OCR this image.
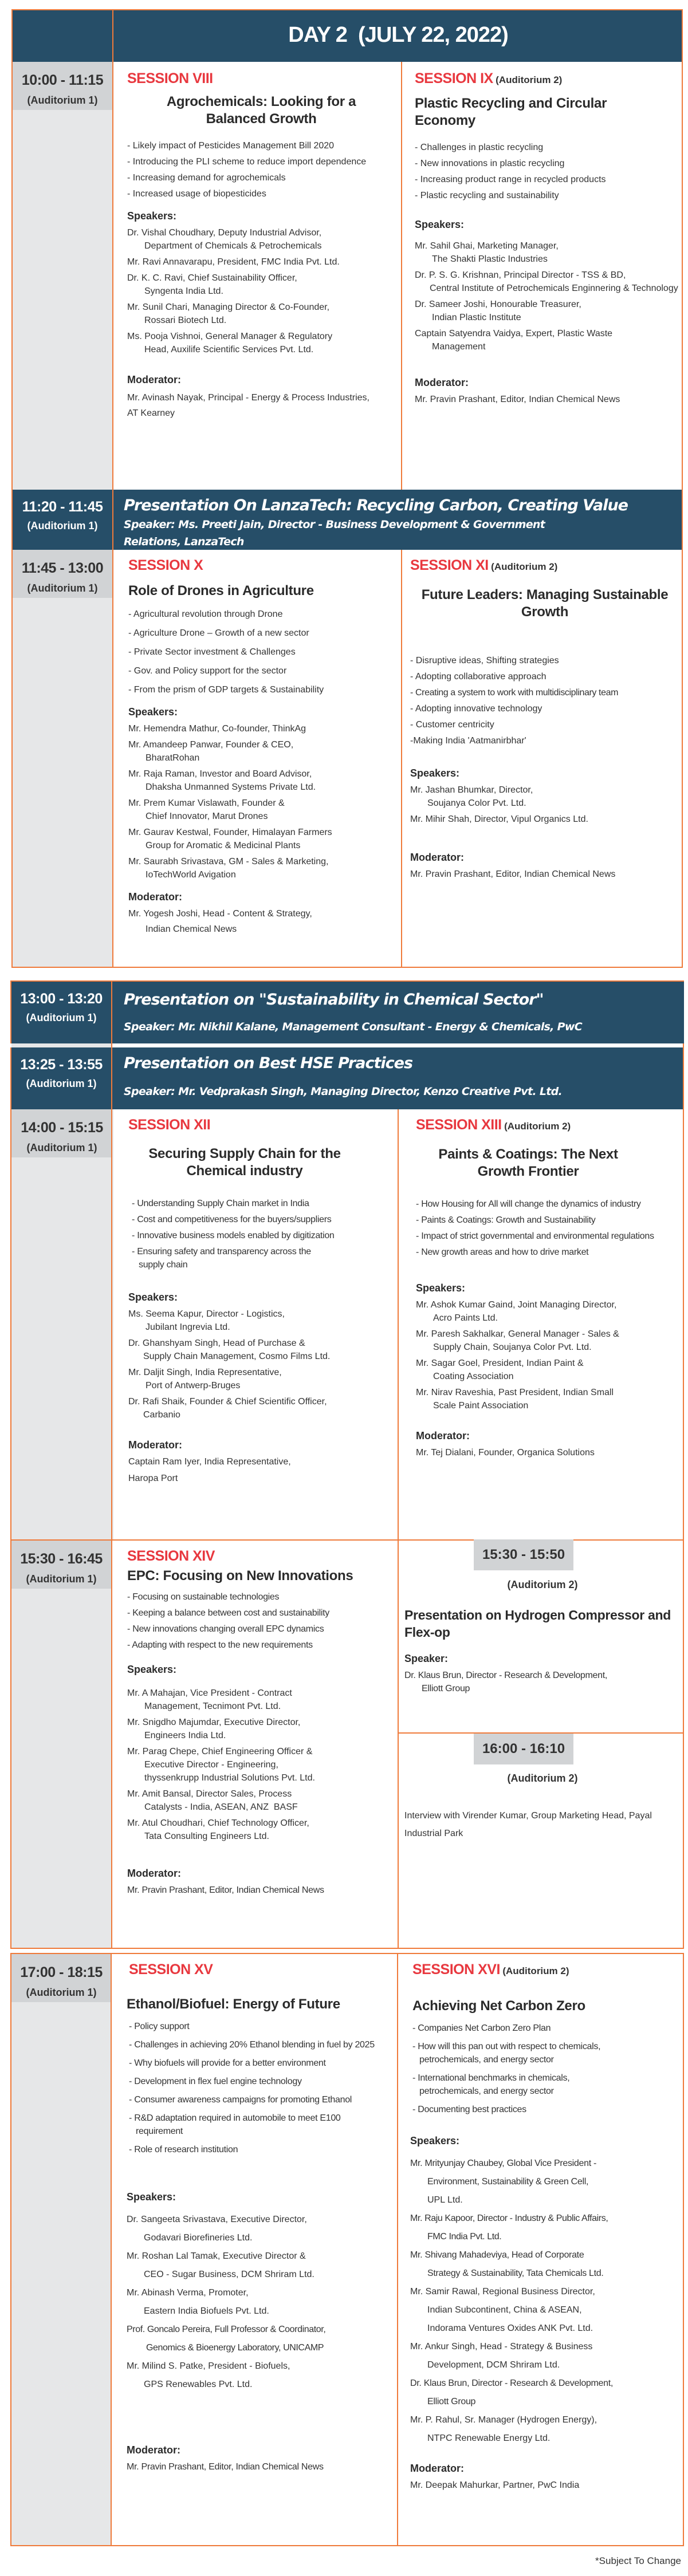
DAY 2  (JULY 22, 2022)
10:00 - 11:15
(Auditorium 1)
SESSION VIII
Agrochemicals: Looking for a Balanced Growth
- Likely impact of Pesticides Management Bill 2020
- Introducing the PLI scheme to reduce import dependence
- Increasing demand for agrochemicals
- Increased usage of biopesticides
Speakers:
Dr. Vishal Choudhary, Deputy Industrial Advisor,
Department of Chemicals & Petrochemicals
Mr. Ravi Annavarapu, President, FMC India Pvt. Ltd.
Dr. K. C. Ravi, Chief Sustainability Officer,
Syngenta India Ltd.
Mr. Sunil Chari, Managing Director & Co-Founder,
Rossari Biotech Ltd.
Ms. Pooja Vishnoi, General Manager & Regulatory
Head, Auxilife Scientific Services Pvt. Ltd.
Moderator:
Mr. Avinash Nayak, Principal - Energy & Process Industries, AT Kearney
SESSION IX (Auditorium 2)
Plastic Recycling and Circular Economy
- Challenges in plastic recycling
- New innovations in plastic recycling
- Increasing product range in recycled products
- Plastic recycling and sustainability
Speakers:
Mr. Sahil Ghai, Marketing Manager,
The Shakti Plastic Industries
Dr. P. S. G. Krishnan, Principal Director - TSS & BD,
Central Institute of Petrochemicals Enginnering & Technology
Dr. Sameer Joshi, Honourable Treasurer,
Indian Plastic Institute
Captain Satyendra Vaidya, Expert, Plastic Waste
Management
Moderator:
Mr. Pravin Prashant, Editor, Indian Chemical News
11:20 - 11:45
(Auditorium 1)
Presentation On LanzaTech: Recycling Carbon, Creating Value
Speaker: Ms. Preeti Jain, Director - Business Development & Government Relations, LanzaTech
11:45 - 13:00
(Auditorium 1)
SESSION X
Role of Drones in Agriculture
- Agricultural revolution through Drone
- Agriculture Drone – Growth of a new sector
- Private Sector investment & Challenges
- Gov. and Policy support for the sector
- From the prism of GDP targets & Sustainability
Speakers:
Mr. Hemendra Mathur, Co-founder, ThinkAg
Mr. Amandeep Panwar, Founder & CEO,
BharatRohan
Mr. Raja Raman, Investor and Board Advisor,
Dhaksha Unmanned Systems Private Ltd.
Mr. Prem Kumar Vislawath, Founder &
Chief Innovator, Marut Drones
Mr. Gaurav Kestwal, Founder, Himalayan Farmers
Group for Aromatic & Medicinal Plants
Mr. Saurabh Srivastava, GM - Sales & Marketing,
IoTechWorld Avigation
Moderator:
Mr. Yogesh Joshi, Head - Content & Strategy,
Indian Chemical News
SESSION XI (Auditorium 2)
Future Leaders: Managing Sustainable Growth
- Disruptive ideas, Shifting strategies
- Adopting collaborative approach
- Creating a system to work with multidisciplinary team
- Adopting innovative technology
- Customer centricity
-Making India 'Aatmanirbhar'
Speakers:
Mr. Jashan Bhumkar, Director,
Soujanya Color Pvt. Ltd.
Mr. Mihir Shah, Director, Vipul Organics Ltd.
Moderator:
Mr. Pravin Prashant, Editor, Indian Chemical News
13:00 - 13:20
(Auditorium 1)
Presentation on "Sustainability in Chemical Sector"
Speaker: Mr. Nikhil Kalane, Management Consultant - Energy & Chemicals, PwC
13:25 - 13:55
(Auditorium 1)
Presentation on Best HSE Practices
Speaker: Mr. Vedprakash Singh, Managing Director, Kenzo Creative Pvt. Ltd.
14:00 - 15:15
(Auditorium 1)
SESSION XII
Securing Supply Chain for the Chemical industry
- Understanding Supply Chain market in India
- Cost and competitiveness for the buyers/suppliers
- Innovative business models enabled by digitization
- Ensuring safety and transparency across the supply chain
Speakers:
Ms. Seema Kapur, Director - Logistics,
Jubilant Ingrevia Ltd.
Dr. Ghanshyam Singh, Head of Purchase &
Supply Chain Management, Cosmo Films Ltd.
Mr. Daljit Singh, India Representative,
Port of Antwerp-Bruges
Dr. Rafi Shaik, Founder & Chief Scientific Officer,
Carbanio
Moderator:
Captain Ram Iyer, India Representative,
Haropa Port
SESSION XIII (Auditorium 2)
Paints & Coatings: The Next Growth Frontier
- How Housing for All will change the dynamics of industry
- Paints & Coatings: Growth and Sustainability
- Impact of strict governmental and environmental regulations
- New growth areas and how to drive market
Speakers:
Mr. Ashok Kumar Gaind, Joint Managing Director,
Acro Paints Ltd.
Mr. Paresh Sakhalkar, General Manager - Sales &
Supply Chain, Soujanya Color Pvt. Ltd.
Mr. Sagar Goel, President, Indian Paint &
Coating Association
Mr. Nirav Raveshia, Past President, Indian Small
Scale Paint Association
Moderator:
Mr. Tej Dialani, Founder, Organica Solutions
15:30 - 16:45
(Auditorium 1)
SESSION XIV
EPC: Focusing on New Innovations
- Focusing on sustainable technologies
- Keeping a balance between cost and sustainability
- New innovations changing overall EPC dynamics
- Adapting with respect to the new requirements
Speakers:
Mr. A Mahajan, Vice President - Contract
Management, Tecnimont Pvt. Ltd.
Mr. Snigdho Majumdar, Executive Director,
Engineers India Ltd.
Mr. Parag Chepe, Chief Engineering Officer &
Executive Director - Engineering,
thyssenkrupp Industrial Solutions Pvt. Ltd.
Mr. Amit Bansal, Director Sales, Process
Catalysts - India, ASEAN, ANZ  BASF
Mr. Atul Choudhari, Chief Technology Officer,
Tata Consulting Engineers Ltd.
Moderator:
Mr. Pravin Prashant, Editor, Indian Chemical News
15:30 - 15:50
(Auditorium 2)
Presentation on Hydrogen Compressor and Flex-op
Speaker:
Dr. Klaus Brun, Director - Research & Development,
Elliott Group
16:00 - 16:10
(Auditorium 2)
Interview with Virender Kumar, Group Marketing Head, Payal Industrial Park
17:00 - 18:15
(Auditorium 1)
SESSION XV
Ethanol/Biofuel: Energy of Future
- Policy support
- Challenges in achieving 20% Ethanol blending in fuel by 2025
- Why biofuels will provide for a better environment
- Development in flex fuel engine technology
- Consumer awareness campaigns for promoting Ethanol
- R&D adaptation required in automobile to meet E100 requirement
- Role of research institution
Speakers:
Dr. Sangeeta Srivastava, Executive Director,
Godavari Biorefineries Ltd.
Mr. Roshan Lal Tamak, Executive Director &
CEO - Sugar Business, DCM Shriram Ltd.
Mr. Abinash Verma, Promoter,
Eastern India Biofuels Pvt. Ltd.
Prof. Goncalo Pereira, Full Professor & Coordinator,
Genomics & Bioenergy Laboratory, UNICAMP
Mr. Milind S. Patke, President - Biofuels,
GPS Renewables Pvt. Ltd.
Moderator:
Mr. Pravin Prashant, Editor, Indian Chemical News
SESSION XVI (Auditorium 2)
Achieving Net Carbon Zero
- Companies Net Carbon Zero Plan
- How will this pan out with respect to chemicals, petrochemicals, and energy sector
- International benchmarks in chemicals, petrochemicals, and energy sector
- Documenting best practices
Speakers:
Mr. Mrityunjay Chaubey, Global Vice President -
Environment, Sustainability & Green Cell,
UPL Ltd.
Mr. Raju Kapoor, Director - Industry & Public Affairs,
FMC India Pvt. Ltd.
Mr. Shivang Mahadeviya, Head of Corporate
Strategy & Sustainability, Tata Chemicals Ltd.
Mr. Samir Rawal, Regional Business Director,
Indian Subcontinent, China & ASEAN,
Indorama Ventures Oxides ANK Pvt. Ltd.
Mr. Ankur Singh, Head - Strategy & Business
Development, DCM Shriram Ltd.
Dr. Klaus Brun, Director - Research & Development,
Elliott Group
Mr. P. Rahul, Sr. Manager (Hydrogen Energy),
NTPC Renewable Energy Ltd.
Moderator:
Mr. Deepak Mahurkar, Partner, PwC India
*Subject To Change
